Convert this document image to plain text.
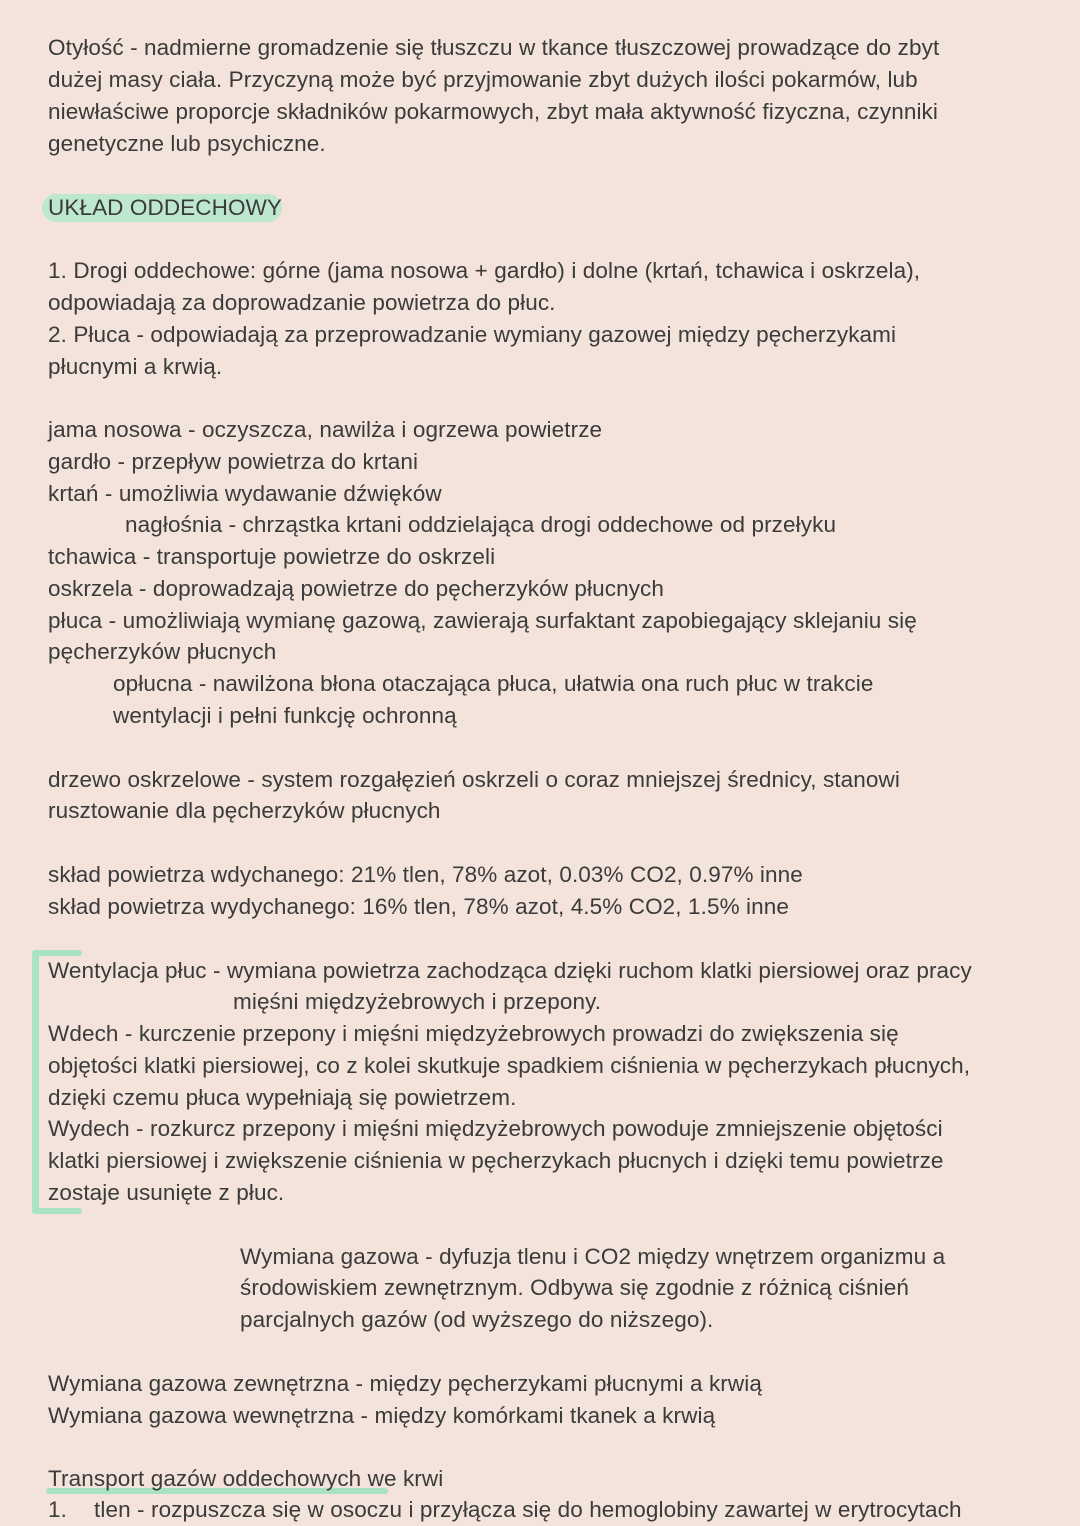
Otyłość - nadmierne gromadzenie się tłuszczu w tkance tłuszczowej prowadzące do zbyt
dużej masy ciała. Przyczyną może być przyjmowanie zbyt dużych ilości pokarmów, lub
niewłaściwe proporcje składników pokarmowych, zbyt mała aktywność fizyczna, czynniki
genetyczne lub psychiczne.
UKŁAD ODDECHOWY
1. Drogi oddechowe: górne (jama nosowa + gardło) i dolne (krtań, tchawica i oskrzela),
odpowiadają za doprowadzanie powietrza do płuc.
2. Płuca - odpowiadają za przeprowadzanie wymiany gazowej między pęcherzykami
płucnymi a krwią.
jama nosowa - oczyszcza, nawilża i ogrzewa powietrze
gardło - przepływ powietrza do krtani
krtań - umożliwia wydawanie dźwięków
nagłośnia - chrząstka krtani oddzielająca drogi oddechowe od przełyku
tchawica - transportuje powietrze do oskrzeli
oskrzela - doprowadzają powietrze do pęcherzyków płucnych
płuca - umożliwiają wymianę gazową, zawierają surfaktant zapobiegający sklejaniu się
pęcherzyków płucnych
opłucna - nawilżona błona otaczająca płuca, ułatwia ona ruch płuc w trakcie
wentylacji i pełni funkcję ochronną
drzewo oskrzelowe - system rozgałęzień oskrzeli o coraz mniejszej średnicy, stanowi
rusztowanie dla pęcherzyków płucnych
skład powietrza wdychanego: 21% tlen, 78% azot, 0.03% CO2, 0.97% inne
skład powietrza wydychanego: 16% tlen, 78% azot, 4.5% CO2, 1.5% inne
Wentylacja płuc - wymiana powietrza zachodząca dzięki ruchom klatki piersiowej oraz pracy
mięśni międzyżebrowych i przepony.
Wdech - kurczenie przepony i mięśni międzyżebrowych prowadzi do zwiększenia się
objętości klatki piersiowej, co z kolei skutkuje spadkiem ciśnienia w pęcherzykach płucnych,
dzięki czemu płuca wypełniają się powietrzem.
Wydech - rozkurcz przepony i mięśni międzyżebrowych powoduje zmniejszenie objętości
klatki piersiowej i zwiększenie ciśnienia w pęcherzykach płucnych i dzięki temu powietrze
zostaje usunięte z płuc.
Wymiana gazowa - dyfuzja tlenu i CO2 między wnętrzem organizmu a
środowiskiem zewnętrznym. Odbywa się zgodnie z różnicą ciśnień
parcjalnych gazów (od wyższego do niższego).
Wymiana gazowa zewnętrzna - między pęcherzykami płucnymi a krwią
Wymiana gazowa wewnętrzna - między komórkami tkanek a krwią
Transport gazów oddechowych we krwi
1. tlen - rozpuszcza się w osoczu i przyłącza się do hemoglobiny zawartej w erytrocytach
